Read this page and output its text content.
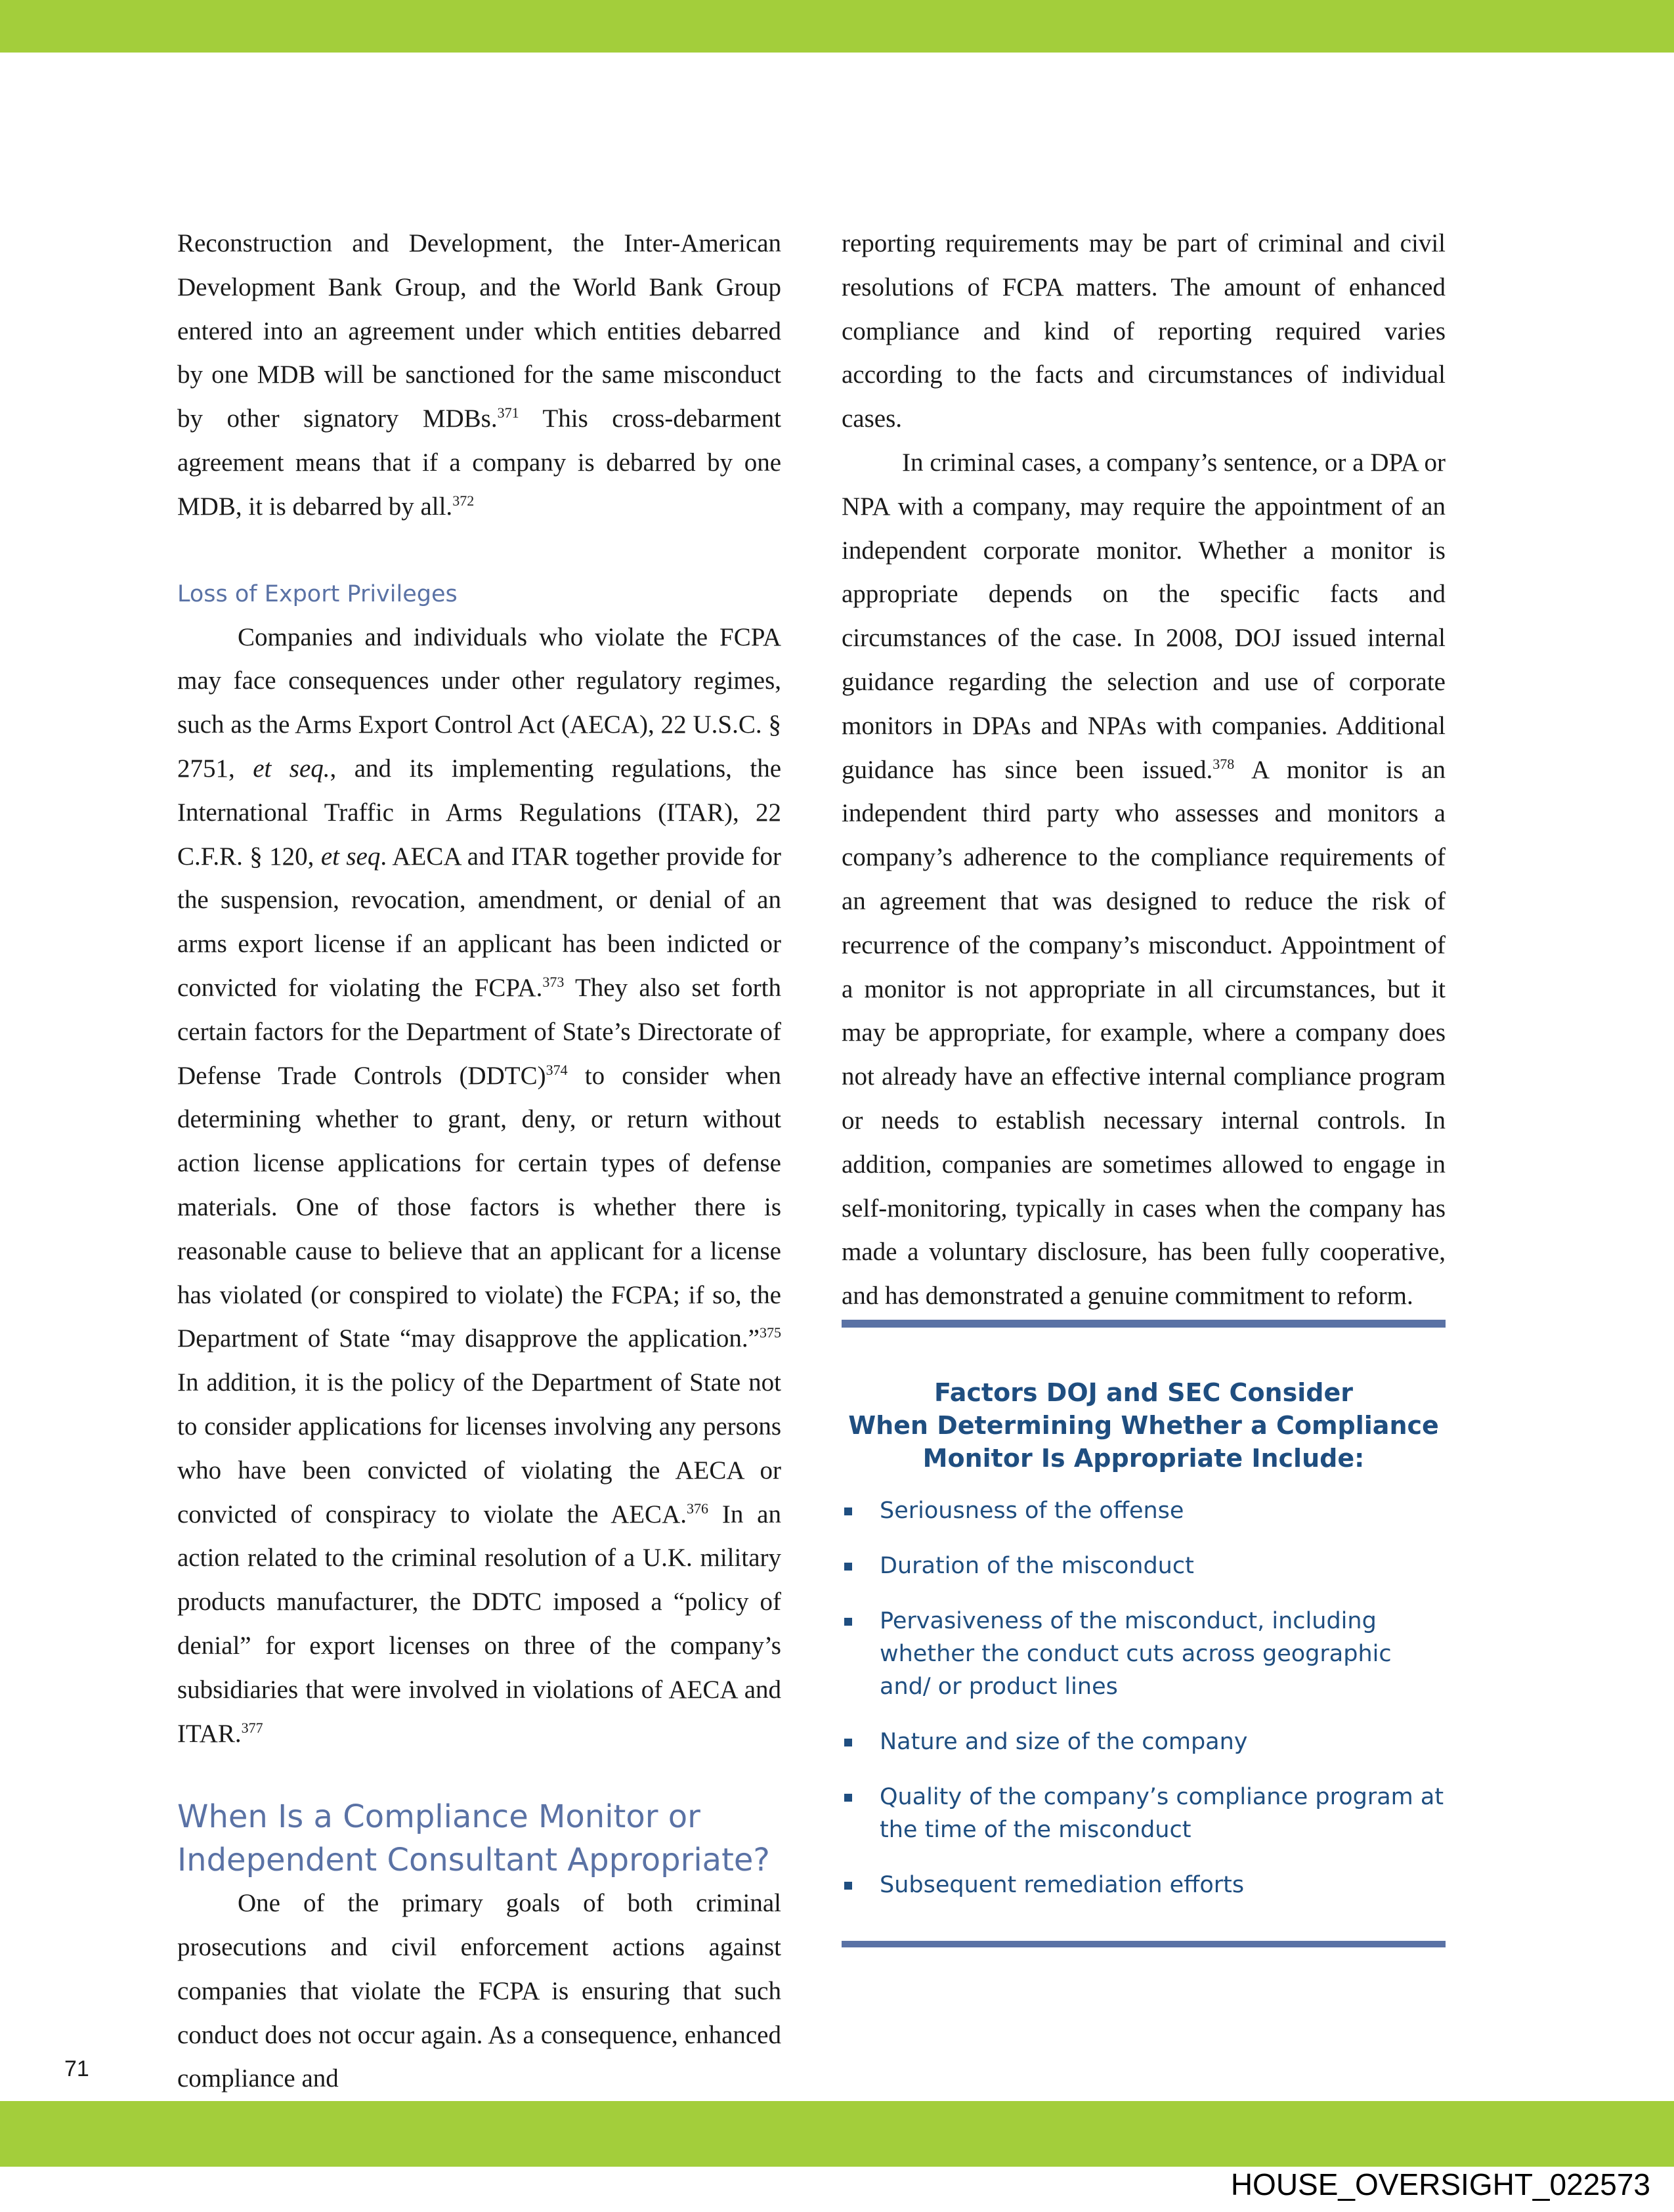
Reconstruction and Development, the Inter-American Development Bank Group, and the World Bank Group entered into an agreement under which entities debarred by one MDB will be sanctioned for the same misconduct by other signatory MDBs.$^{371}$ This cross-debarment agreement means that if a company is debarred by one MDB, it is debarred by all.$^{372}$

Loss of Export Privileges

Companies and individuals who violate the FCPA may face consequences under other regulatory regimes, such as the Arms Export Control Act (AECA), 22 U.S.C. § 2751, et seq., and its implementing regulations, the International Traffic in Arms Regulations (ITAR), 22 C.F.R. § 120, et seq. AECA and ITAR together provide for the suspension, revocation, amendment, or denial of an arms export license if an applicant has been indicted or convicted for violating the FCPA.$^{373}$ They also set forth certain factors for the Department of State’s Directorate of Defense Trade Controls (DDTC)$^{374}$ to consider when determining whether to grant, deny, or return without action license applications for certain types of defense materials. One of those factors is whether there is reasonable cause to believe that an applicant for a license has violated (or conspired to violate) the FCPA; if so, the Department of State “may disapprove the application.”$^{375}$ In addition, it is the policy of the Department of State not to consider applications for licenses involving any persons who have been convicted of violating the AECA or convicted of conspiracy to violate the AECA.$^{376}$ In an action related to the criminal resolution of a U.K. military products manufacturer, the DDTC imposed a “policy of denial” for export licenses on three of the company’s subsidiaries that were involved in violations of AECA and ITAR.$^{377}$

When Is a Compliance Monitor or Independent Consultant Appropriate?

One of the primary goals of both criminal prosecutions and civil enforcement actions against companies that violate the FCPA is ensuring that such conduct does not occur again. As a consequence, enhanced compliance and

reporting requirements may be part of criminal and civil resolutions of FCPA matters. The amount of enhanced compliance and kind of reporting required varies according to the facts and circumstances of individual cases.

In criminal cases, a company’s sentence, or a DPA or NPA with a company, may require the appointment of an independent corporate monitor. Whether a monitor is appropriate depends on the specific facts and circumstances of the case. In 2008, DOJ issued internal guidance regarding the selection and use of corporate monitors in DPAs and NPAs with companies. Additional guidance has since been issued.$^{378}$ A monitor is an independent third party who assesses and monitors a company’s adherence to the compliance requirements of an agreement that was designed to reduce the risk of recurrence of the company’s misconduct. Appointment of a monitor is not appropriate in all circumstances, but it may be appropriate, for example, where a company does not already have an effective internal compliance program or needs to establish necessary internal controls. In addition, companies are sometimes allowed to engage in self-monitoring, typically in cases when the company has made a voluntary disclosure, has been fully cooperative, and has demonstrated a genuine commitment to reform.

Factors DOJ and SEC Consider
When Determining Whether a Compliance
Monitor Is Appropriate Include:
Seriousness of the offense
Duration of the misconduct
Pervasiveness of the misconduct, including whether the conduct cuts across geographic and/ or product lines
Nature and size of the company
Quality of the company’s compliance program at the time of the misconduct
Subsequent remediation efforts
71
HOUSE_OVERSIGHT_022573
